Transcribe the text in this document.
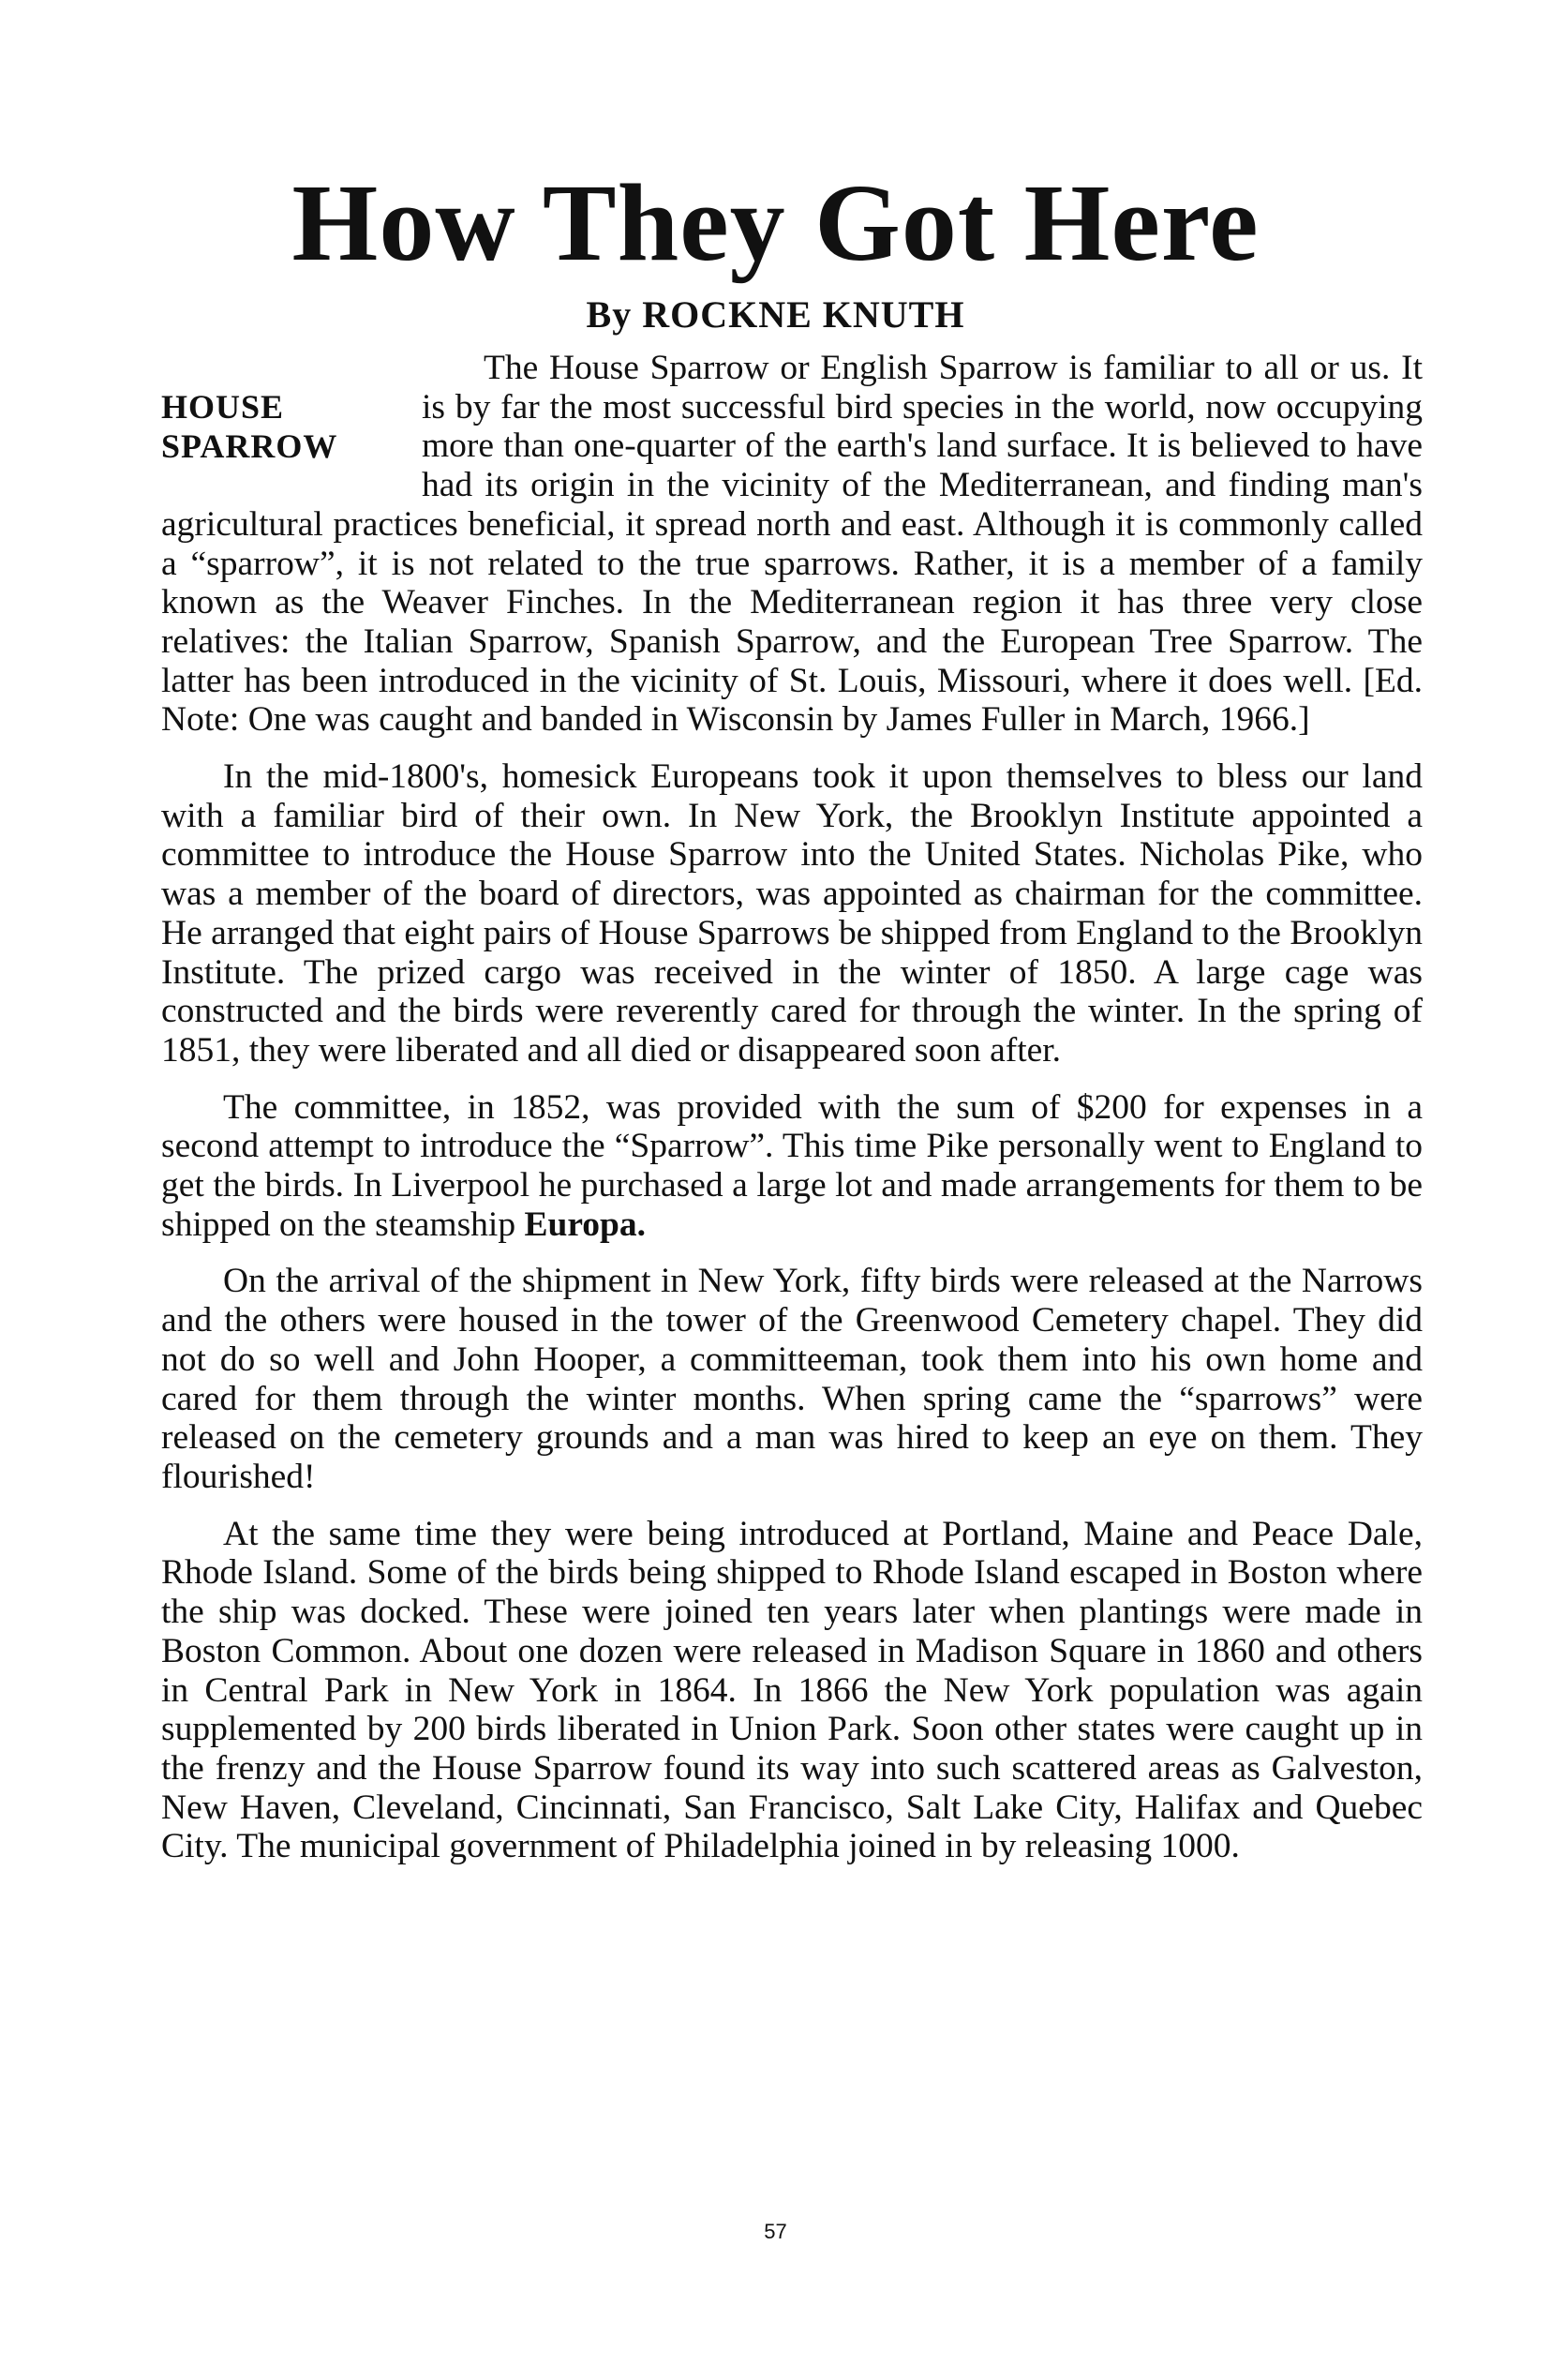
How They Got Here
By ROCKNE KNUTH

HOUSE
SPARROW
The House Sparrow or English Sparrow is familiar to all or us. It is by far the most successful bird species in the world, now occupying more than one-quarter of the earth's land surface. It is believed to have had its origin in the vicinity of the Mediterranean, and finding man's agricultural practices beneficial, it spread north and east. Although it is commonly called a “sparrow”, it is not related to the true sparrows. Rather, it is a member of a family known as the Weaver Finches. In the Mediterranean region it has three very close relatives: the Italian Sparrow, Spanish Sparrow, and the European Tree Sparrow. The latter has been introduced in the vicinity of St. Louis, Missouri, where it does well. [Ed. Note: One was caught and banded in Wisconsin by James Fuller in March, 1966.]

In the mid-1800's, homesick Europeans took it upon themselves to bless our land with a familiar bird of their own. In New York, the Brooklyn Institute appointed a committee to introduce the House Sparrow into the United States. Nicholas Pike, who was a member of the board of directors, was appointed as chairman for the committee. He arranged that eight pairs of House Sparrows be shipped from England to the Brooklyn Institute. The prized cargo was received in the winter of 1850. A large cage was constructed and the birds were reverently cared for through the winter. In the spring of 1851, they were liberated and all died or disappeared soon after.

The committee, in 1852, was provided with the sum of $200 for expenses in a second attempt to introduce the “Sparrow”. This time Pike personally went to England to get the birds. In Liverpool he purchased a large lot and made arrangements for them to be shipped on the steamship Europa.

On the arrival of the shipment in New York, fifty birds were released at the Narrows and the others were housed in the tower of the Greenwood Cemetery chapel. They did not do so well and John Hooper, a committeeman, took them into his own home and cared for them through the winter months. When spring came the “sparrows” were released on the cemetery grounds and a man was hired to keep an eye on them. They flourished!

At the same time they were being introduced at Portland, Maine and Peace Dale, Rhode Island. Some of the birds being shipped to Rhode Island escaped in Boston where the ship was docked. These were joined ten years later when plantings were made in Boston Common. About one dozen were released in Madison Square in 1860 and others in Central Park in New York in 1864. In 1866 the New York population was again supplemented by 200 birds liberated in Union Park. Soon other states were caught up in the frenzy and the House Sparrow found its way into such scattered areas as Galveston, New Haven, Cleveland, Cincinnati, San Francisco, Salt Lake City, Halifax and Quebec City. The municipal government of Philadelphia joined in by releasing 1000.

57
